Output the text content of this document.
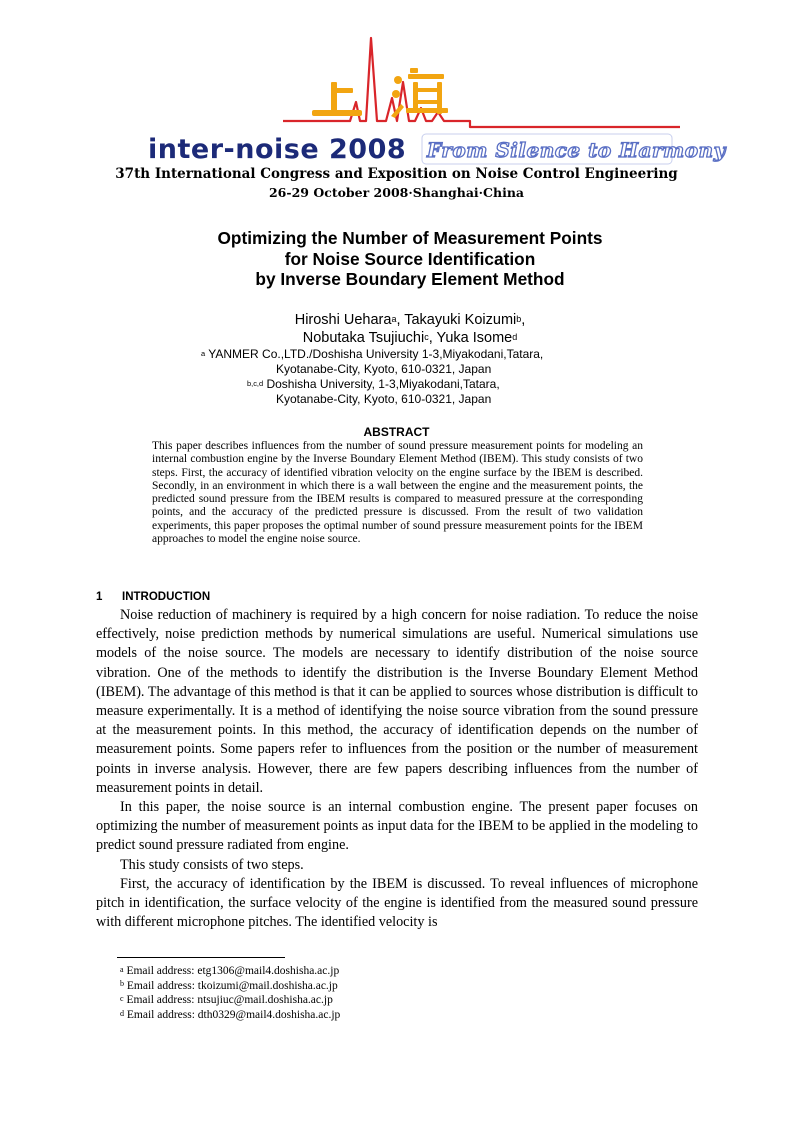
inter-noise 2008 From Silence to Harmony
37th International Congress and Exposition on Noise Control Engineering
26-29 October 2008·Shanghai·China
Optimizing the Number of Measurement Points
for Noise Source Identification
by Inverse Boundary Element Method
Hiroshi Uehara$^a$, Takayuki Koizumi$^b$,
Nobutaka Tsujiuchi$^c$, Yuka Isome$^d$
$^a$ YANMER Co.,LTD./Doshisha University 1-3,Miyakodani,Tatara,
Kyotanabe-City, Kyoto, 610-0321, Japan
$^{b,c,d}$ Doshisha University, 1-3,Miyakodani,Tatara,
Kyotanabe-City, Kyoto, 610-0321, Japan
ABSTRACT
This paper describes influences from the number of sound pressure measurement points for modeling an internal combustion engine by the Inverse Boundary Element Method (IBEM). This study consists of two steps. First, the accuracy of identified vibration velocity on the engine surface by the IBEM is described. Secondly, in an environment in which there is a wall between the engine and the measurement points, the predicted sound pressure from the IBEM results is compared to measured pressure at the corresponding points, and the accuracy of the predicted pressure is discussed. From the result of two validation experiments, this paper proposes the optimal number of sound pressure measurement points for the IBEM approaches to model the engine noise source.
1 INTRODUCTION

Noise reduction of machinery is required by a high concern for noise radiation. To reduce the noise effectively, noise prediction methods by numerical simulations are useful. Numerical simulations use models of the noise source. The models are necessary to identify distribution of the noise source vibration. One of the methods to identify the distribution is the Inverse Boundary Element Method (IBEM). The advantage of this method is that it can be applied to sources whose distribution is difficult to measure experimentally. It is a method of identifying the noise source vibration from the sound pressure at the measurement points. In this method, the accuracy of identification depends on the number of measurement points. Some papers refer to influences from the position or the number of measurement points in inverse analysis. However, there are few papers describing influences from the number of measurement points in detail.

In this paper, the noise source is an internal combustion engine. The present paper focuses on optimizing the number of measurement points as input data for the IBEM to be applied in the modeling to predict sound pressure radiated from engine.

This study consists of two steps.

First, the accuracy of identification by the IBEM is discussed. To reveal influences of microphone pitch in identification, the surface velocity of the engine is identified from the measured sound pressure with different microphone pitches. The identified velocity is

$^a$ Email address: etg1306@mail4.doshisha.ac.jp
$^b$ Email address: tkoizumi@mail.doshisha.ac.jp
$^c$ Email address: ntsujiuc@mail.doshisha.ac.jp
$^d$ Email address: dth0329@mail4.doshisha.ac.jp
